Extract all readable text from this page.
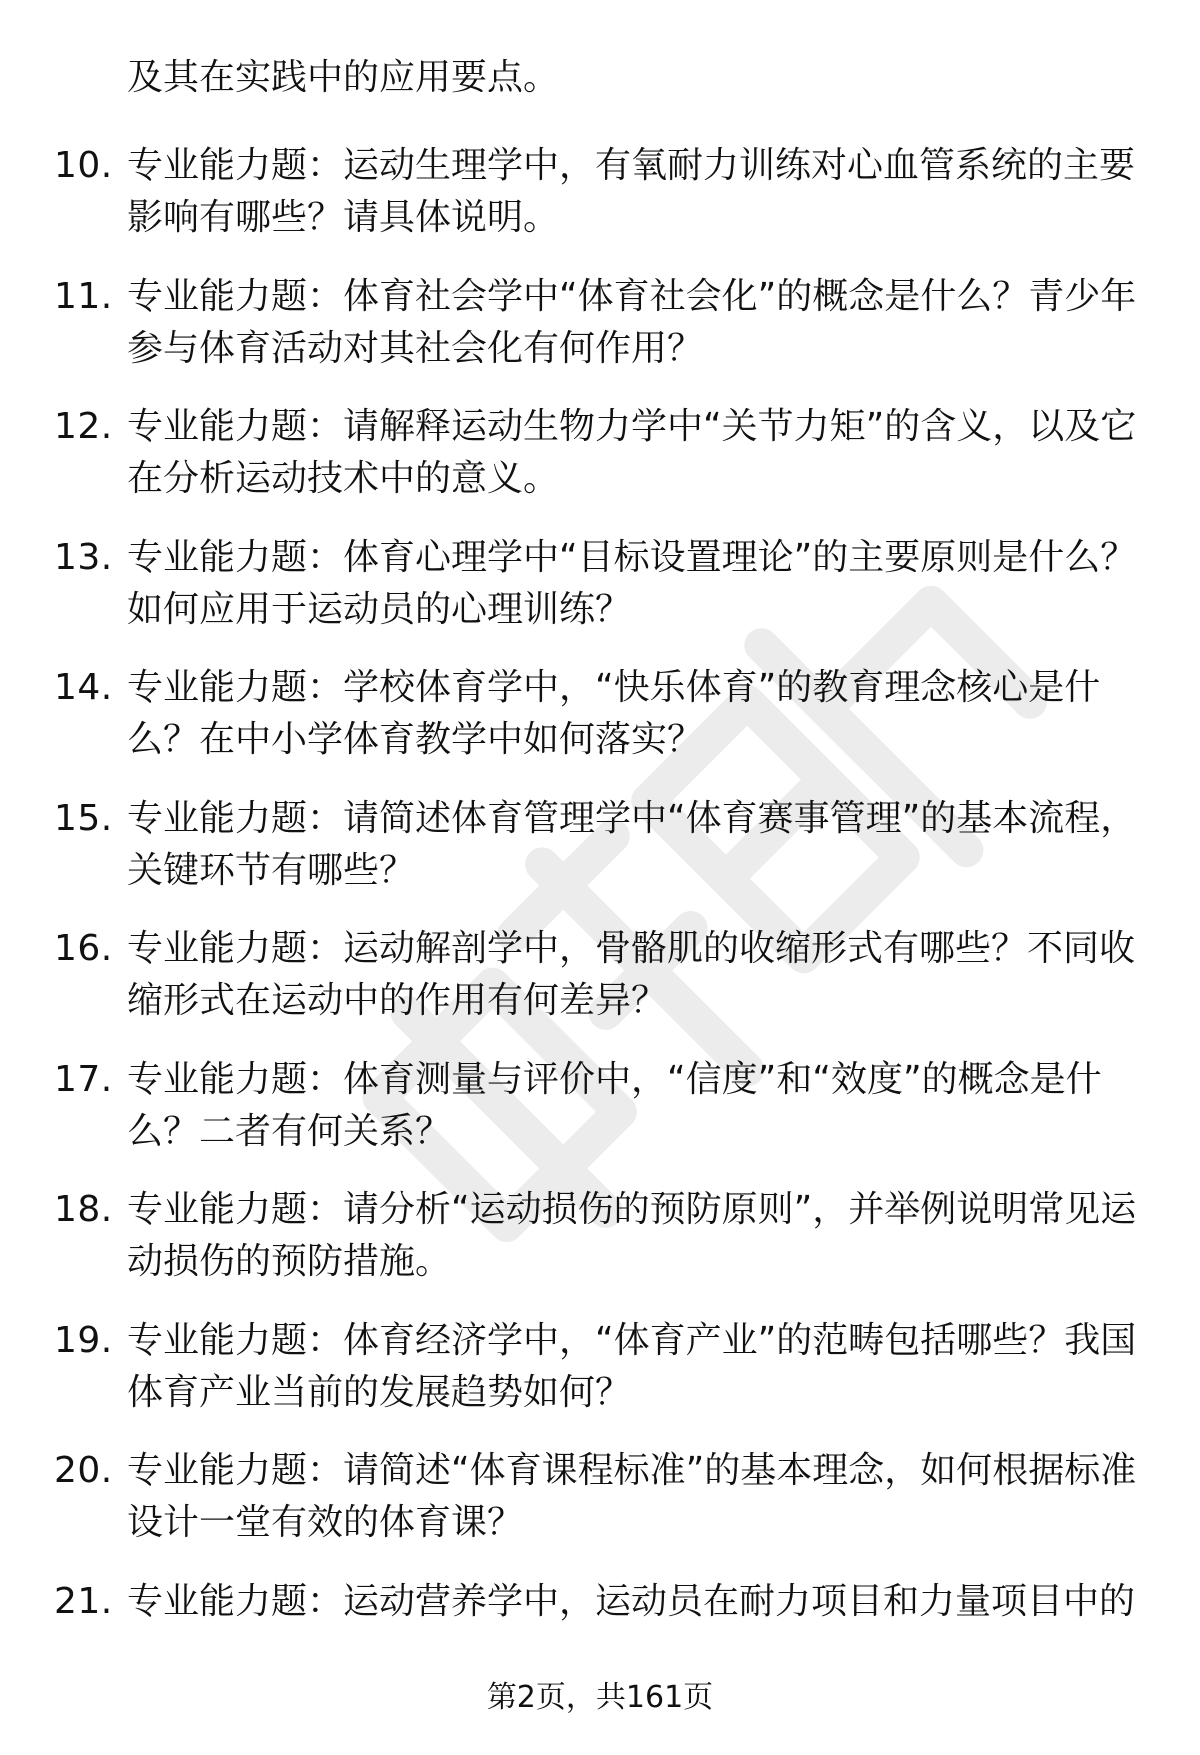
及其在实践中的应用要点。

10. 专业能力题：运动生理学中，有氧耐力训练对心血管系统的主要影响有哪些？请具体说明。
11. 专业能力题：体育社会学中“体育社会化”的概念是什么？青少年参与体育活动对其社会化有何作用？
12. 专业能力题：请解释运动生物力学中“关节力矩”的含义，以及它在分析运动技术中的意义。
13. 专业能力题：体育心理学中“目标设置理论”的主要原则是什么？如何应用于运动员的心理训练？
14. 专业能力题：学校体育学中，“快乐体育”的教育理念核心是什么？在中小学体育教学中如何落实？
15. 专业能力题：请简述体育管理学中“体育赛事管理”的基本流程，关键环节有哪些？
16. 专业能力题：运动解剖学中，骨骼肌的收缩形式有哪些？不同收缩形式在运动中的作用有何差异？
17. 专业能力题：体育测量与评价中，“信度”和“效度”的概念是什么？二者有何关系？
18. 专业能力题：请分析“运动损伤的预防原则”，并举例说明常见运动损伤的预防措施。
19. 专业能力题：体育经济学中，“体育产业”的范畴包括哪些？我国体育产业当前的发展趋势如何？
20. 专业能力题：请简述“体育课程标准”的基本理念，如何根据标准设计一堂有效的体育课？
21. 专业能力题：运动营养学中，运动员在耐力项目和力量项目中的
第2页，共161页
